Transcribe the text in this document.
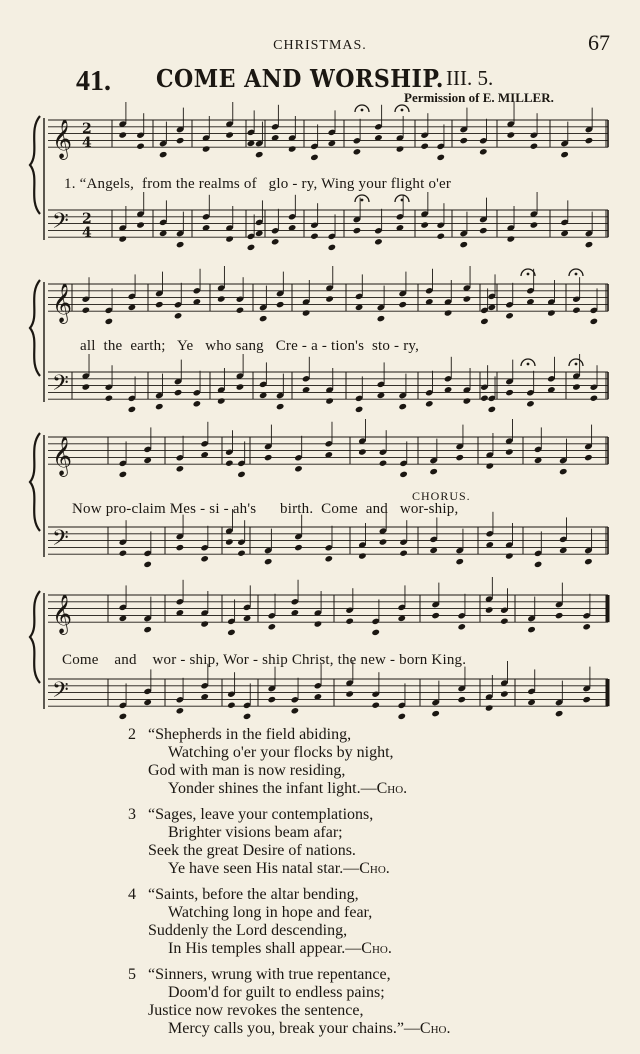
CHRISTMAS.	67
41. COME AND WORSHIP. III. 5.
Permission of E. MILLER.
𝄞 2
4
𝄢 2
4
𝄞
𝄢
𝄞
𝄢
𝄞
𝄢
1. “Angels,  from the realms of   glo - ry, Wing your flight o'er
all  the  earth;   Ye   who sang   Cre - a - tion's  sto - ry,
Now pro-claim Mes - si - ah's      birth.  Come  and   wor-ship,
Come    and    wor - ship, Wor - ship Christ, the new - born King.
CHORUS.
2 “Shepherds in the field abiding,
Watching o'er your flocks by night,
God with man is now residing,
Yonder shines the infant light.—Cho.
3 “Sages, leave your contemplations,
Brighter visions beam afar;
Seek the great Desire of nations.
Ye have seen His natal star.—Cho.
4 “Saints, before the altar bending,
Watching long in hope and fear,
Suddenly the Lord descending,
In His temples shall appear.—Cho.
5 “Sinners, wrung with true repentance,
Doom'd for guilt to endless pains;
Justice now revokes the sentence,
Mercy calls you, break your chains.”—Cho.
